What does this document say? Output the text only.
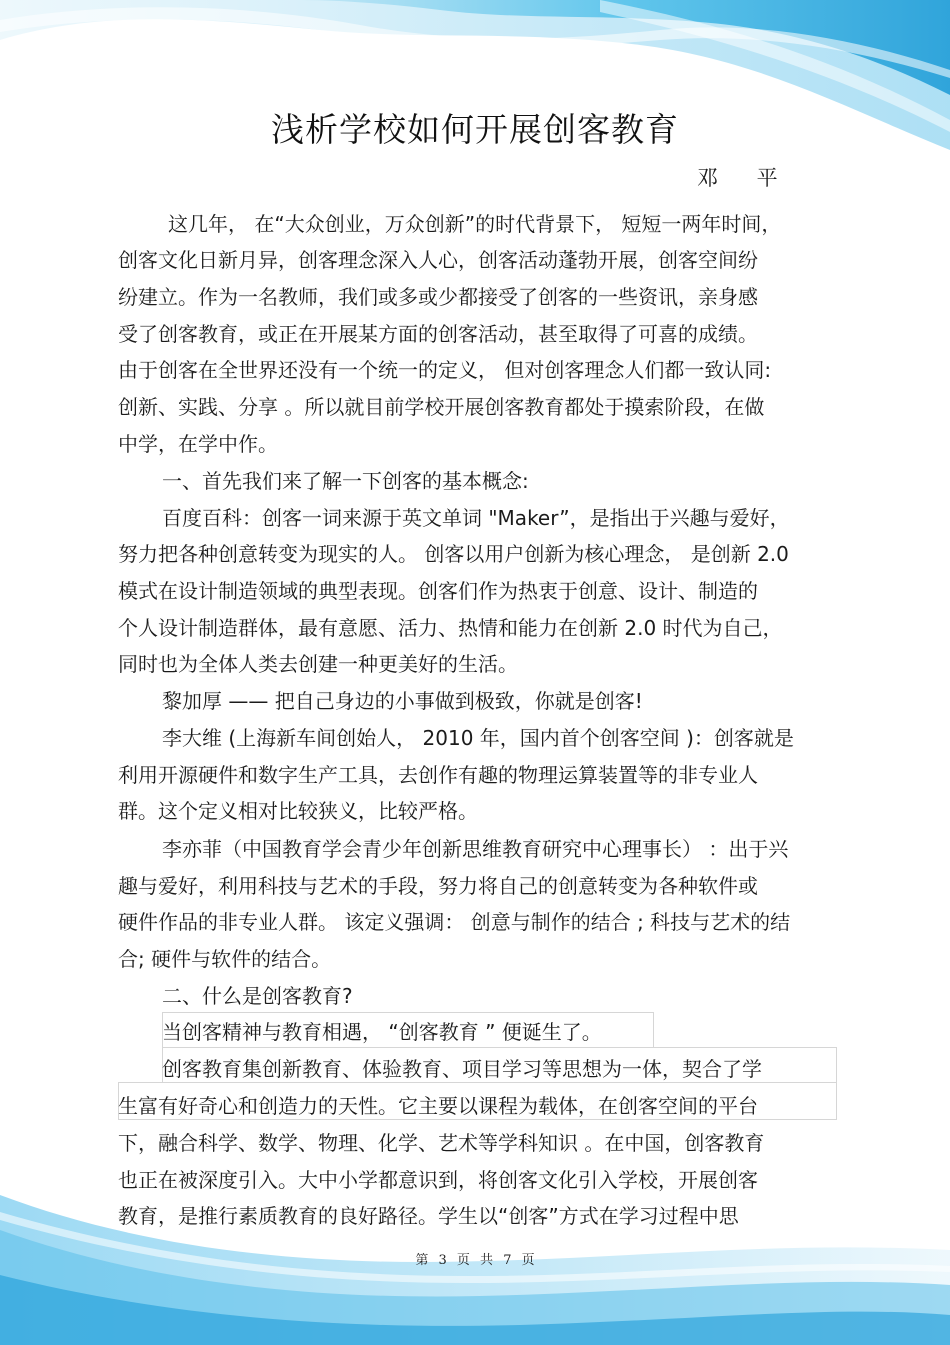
浅析学校如何开展创客教育
邓 平
这几年， 在“大众创业，万众创新”的时代背景下， 短短一两年时间，
创客文化日新月异，创客理念深入人心，创客活动蓬勃开展，创客空间纷
纷建立。作为一名教师，我们或多或少都接受了创客的一些资讯，亲身感
受了创客教育，或正在开展某方面的创客活动，甚至取得了可喜的成绩。
由于创客在全世界还没有一个统一的定义， 但对创客理念人们都一致认同:
创新、实践、分享 。所以就目前学校开展创客教育都处于摸索阶段，在做
中学，在学中作。
一、首先我们来了解一下创客的基本概念:
百度百科：创客一词来源于英文单词 "Maker”，是指出于兴趣与爱好，
努力把各种创意转变为现实的人。 创客以用户创新为核心理念， 是创新 2.0
模式在设计制造领域的典型表现。创客们作为热衷于创意、设计、制造的
个人设计制造群体，最有意愿、活力、热情和能力在创新 2.0 时代为自己，
同时也为全体人类去创建一种更美好的生活。
黎加厚 —— 把自己身边的小事做到极致，你就是创客!
李大维 (上海新车间创始人， 2010 年，国内首个创客空间 )：创客就是
利用开源硬件和数字生产工具，去创作有趣的物理运算装置等的非专业人
群。这个定义相对比较狭义，比较严格。
李亦菲（中国教育学会青少年创新思维教育研究中心理事长） ：出于兴
趣与爱好，利用科技与艺术的手段，努力将自己的创意转变为各种软件或
硬件作品的非专业人群。 该定义强调： 创意与制作的结合 ; 科技与艺术的结
合; 硬件与软件的结合。
二、什么是创客教育?
当创客精神与教育相遇， “创客教育 ” 便诞生了。
创客教育集创新教育、体验教育、项目学习等思想为一体，契合了学
生富有好奇心和创造力的天性。它主要以课程为载体，在创客空间的平台
下，融合科学、数学、物理、化学、艺术等学科知识 。在中国，创客教育
也正在被深度引入。大中小学都意识到，将创客文化引入学校，开展创客
教育，是推行素质教育的良好路径。学生以“创客”方式在学习过程中思
第 3 页 共 7 页
